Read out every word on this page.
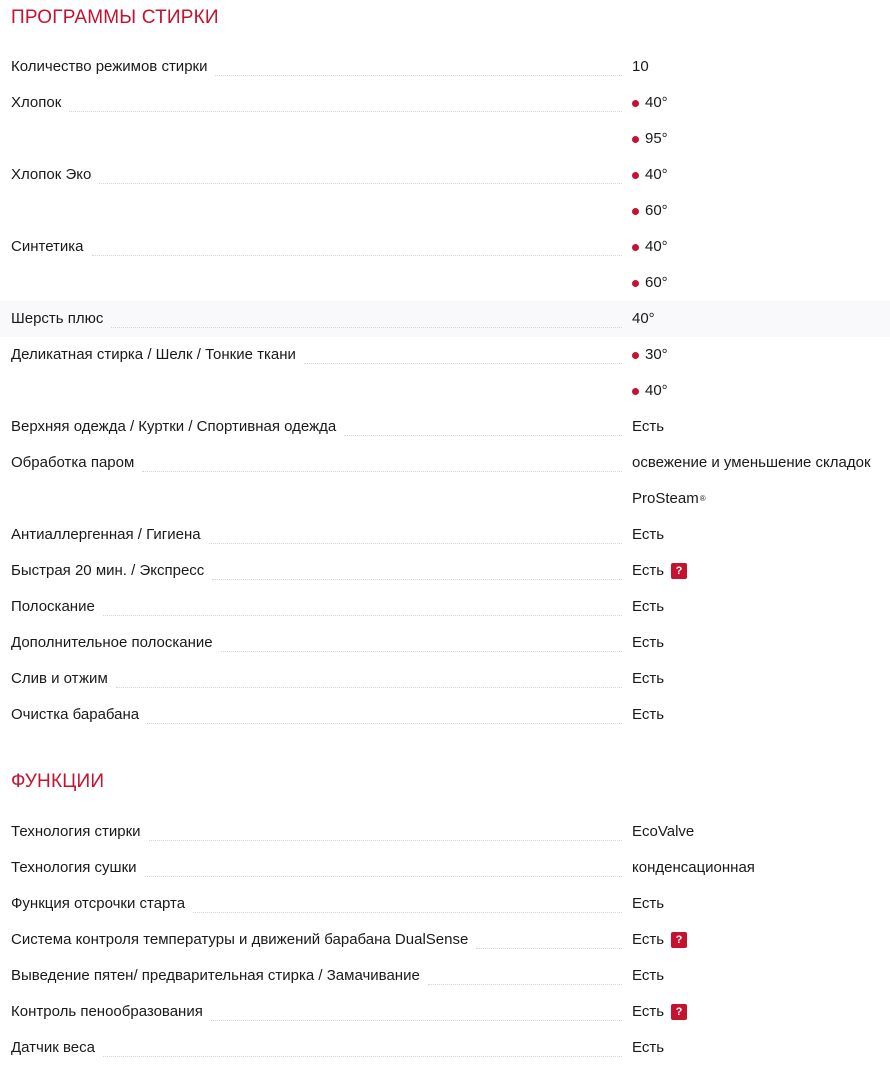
ПРОГРАММЫ СТИРКИ
Количество режимов стирки	10
Хлопок	40°
95°
Хлопок Эко	40°
60°
Синтетика	40°
60°
Шерсть плюс	40°
Деликатная стирка / Шелк / Тонкие ткани	30°
40°
Верхняя одежда / Куртки / Спортивная одежда	Есть
Обработка паром	освежение и уменьшение складок
ProSteam ®
Антиаллергенная / Гигиена	Есть
Быстрая 20 мин. / Экспресс	Есть	?
Полоскание	Есть
Дополнительное полоскание	Есть
Слив и отжим	Есть
Очистка барабана	Есть
ФУНКЦИИ
Технология стирки	EcoValve
Технология сушки	конденсационная
Функция отсрочки старта	Есть
Система контроля температуры и движений барабана DualSense	Есть	?
Выведение пятен/ предварительная стирка / Замачивание	Есть
Контроль пенообразования	Есть	?
Датчик веса	Есть
